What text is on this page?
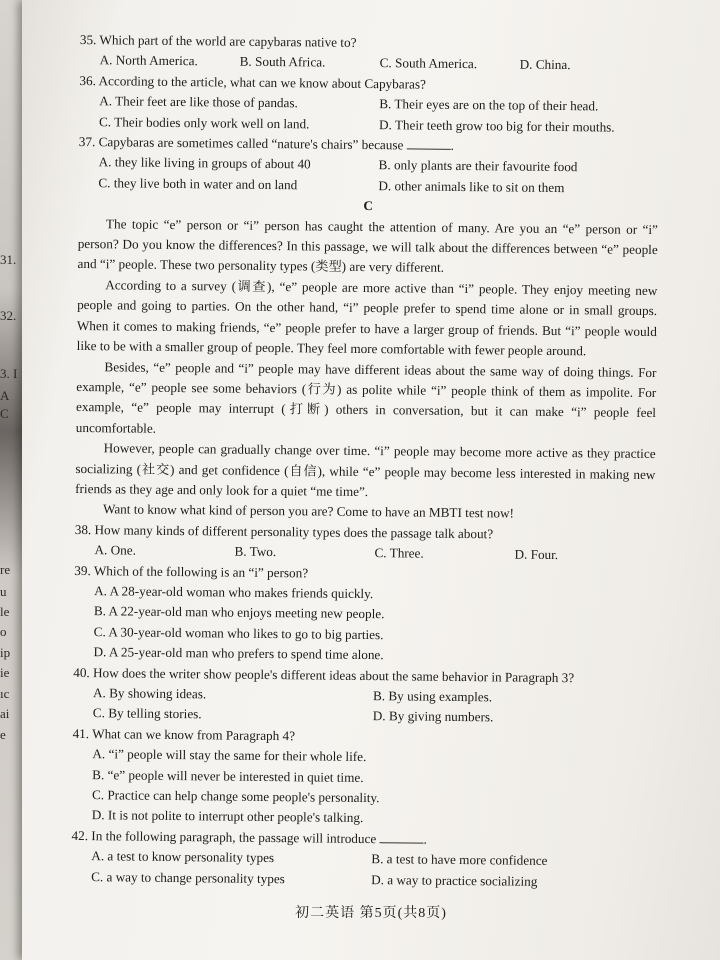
31.
32.
3. I
A
C
re
u
le
o
ip
ie
ıc
ai
e

35. Which part of the world are capybaras native to?

A. North America.	B. South Africa.	C. South America.	D. China.

36. According to the article, what can we know about Capybaras?

A. Their feet are like those of pandas.	B. Their eyes are on the top of their head.
C. Their bodies only work well on land.	D. Their teeth grow too big for their mouths.

37. Capybaras are sometimes called “nature's chairs” because	.

A. they like living in groups of about 40	B. only plants are their favourite food
C. they live both in water and on land	D. other animals like to sit on them

C

The topic “e” person or “i” person has caught the attention of many. Are you an “e” person or “i” person? Do you know the differences? In this passage, we will talk about the differences between “e” people and “i” people. These two personality types (类型) are very different.

According to a survey (调查), “e” people are more active than “i” people. They enjoy meeting new people and going to parties. On the other hand, “i” people prefer to spend time alone or in small groups. When it comes to making friends, “e” people prefer to have a larger group of friends. But “i” people would like to be with a smaller group of people. They feel more comfortable with fewer people around.

Besides, “e” people and “i” people may have different ideas about the same way of doing things. For example, “e” people see some behaviors (行为) as polite while “i” people think of them as impolite. For example, “e” people may interrupt (打断) others in conversation, but it can make “i” people feel uncomfortable.

However, people can gradually change over time. “i” people may become more active as they practice socializing (社交) and get confidence (自信), while “e” people may become less interested in making new friends as they age and only look for a quiet “me time”.

Want to know what kind of person you are? Come to have an MBTI test now!

38. How many kinds of different personality types does the passage talk about?

A. One.	B. Two.	C. Three.	D. Four.

39. Which of the following is an “i” person?

A. A 28-year-old woman who makes friends quickly.
B. A 22-year-old man who enjoys meeting new people.
C. A 30-year-old woman who likes to go to big parties.
D. A 25-year-old man who prefers to spend time alone.

40. How does the writer show people's different ideas about the same behavior in Paragraph 3?

A. By showing ideas.	B. By using examples.
C. By telling stories.	D. By giving numbers.

41. What can we know from Paragraph 4?

A. “i” people will stay the same for their whole life.
B. “e” people will never be interested in quiet time.
C. Practice can help change some people's personality.
D. It is not polite to interrupt other people's talking.

42. In the following paragraph, the passage will introduce	.

A. a test to know personality types	B. a test to have more confidence
C. a way to change personality types	D. a way to practice socializing
初二英语 第5页(共8页)
